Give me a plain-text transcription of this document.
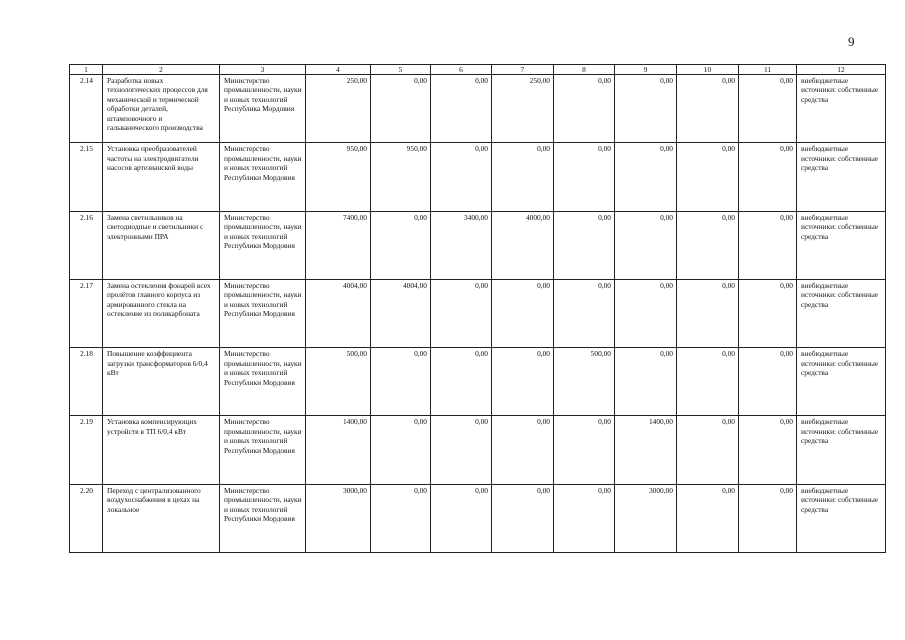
9
1	2	3	4	5	6	7	8	9	10	11	12
2.14	Разработка новых технологических процессов для механической и термической обработки деталей, штамповочного и гальванического производства	Министерство промышленности, науки и новых технологий Республика Мордовия	250,00	0,00	0,00	250,00	0,00	0,00	0,00	0,00	внебюджетные источники: собственные средства
2.15	Установка преобразователей частоты на электродвигатели насосов артезианской воды	Министерство промышленности, науки и новых технологий Республики Мордовия	950,00	950,00	0,00	0,00	0,00	0,00	0,00	0,00	внебюджетные источники: собственные средства
2.16	Замена светильников на светодиодные и светильники с электронными ПРА	Министерство промышленности, науки и новых технологий Республики Мордовия	7400,00	0,00	3400,00	4000,00	0,00	0,00	0,00	0,00	внебюджетные источники: собственные средства
2.17	Замена остекления фонарей всех пролётов главного корпуса из армированного стекла на остекление из поликарбоната	Министерство промышленности, науки и новых технологий Республики Мордовия	4004,00	4004,00	0,00	0,00	0,00	0,00	0,00	0,00	внебюджетные источники: собственные средства
2.18	Повышение коэффициента загрузки трансформаторов 6/0,4 кВт	Министерство промышленности, науки и новых технологий Республики Мордовия	500,00	0,00	0,00	0,00	500,00	0,00	0,00	0,00	внебюджетные источники: собственные средства
2.19	Установка компенсирующих устройств в ТП 6/0,4 кВт	Министерство промышленности, науки и новых технологий Республики Мордовия	1400,00	0,00	0,00	0,00	0,00	1400,00	0,00	0,00	внебюджетные источники: собственные средства
2.20	Переход с централизованного воздухоснабжения в цехах на локальное	Министерство промышленности, науки и новых технологий Республики Мордовия	3000,00	0,00	0,00	0,00	0,00	3000,00	0,00	0,00	внебюджетные источники: собственные средства
